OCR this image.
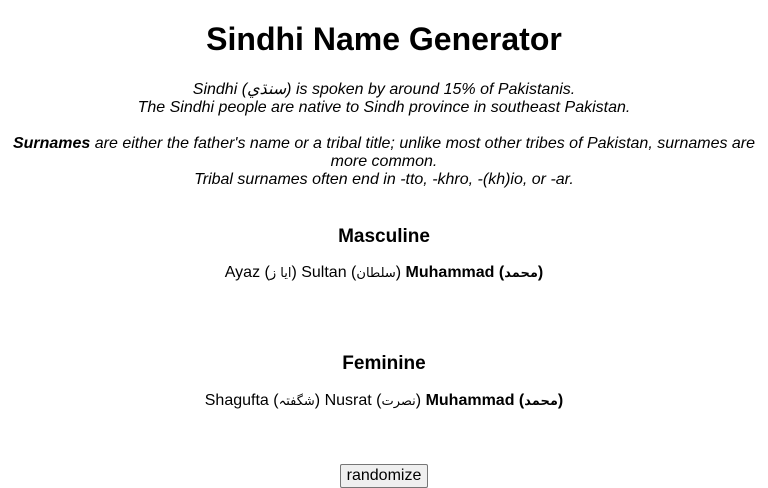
Sindhi Name Generator
Sindhi (سنڌي) is spoken by around 15% of Pakistanis.
The Sindhi people are native to Sindh province in southeast Pakistan.
Surnames are either the father's name or a tribal title; unlike most other tribes of Pakistan, surnames are more common.
Tribal surnames often end in -tto, -khro, -(kh)io, or -ar.
Masculine
Ayaz (ايا ز) Sultan (سلطان) Muhammad (محمد)
Feminine
Shagufta (شگفتہ) Nusrat (نصرت) Muhammad (محمد)
randomize
